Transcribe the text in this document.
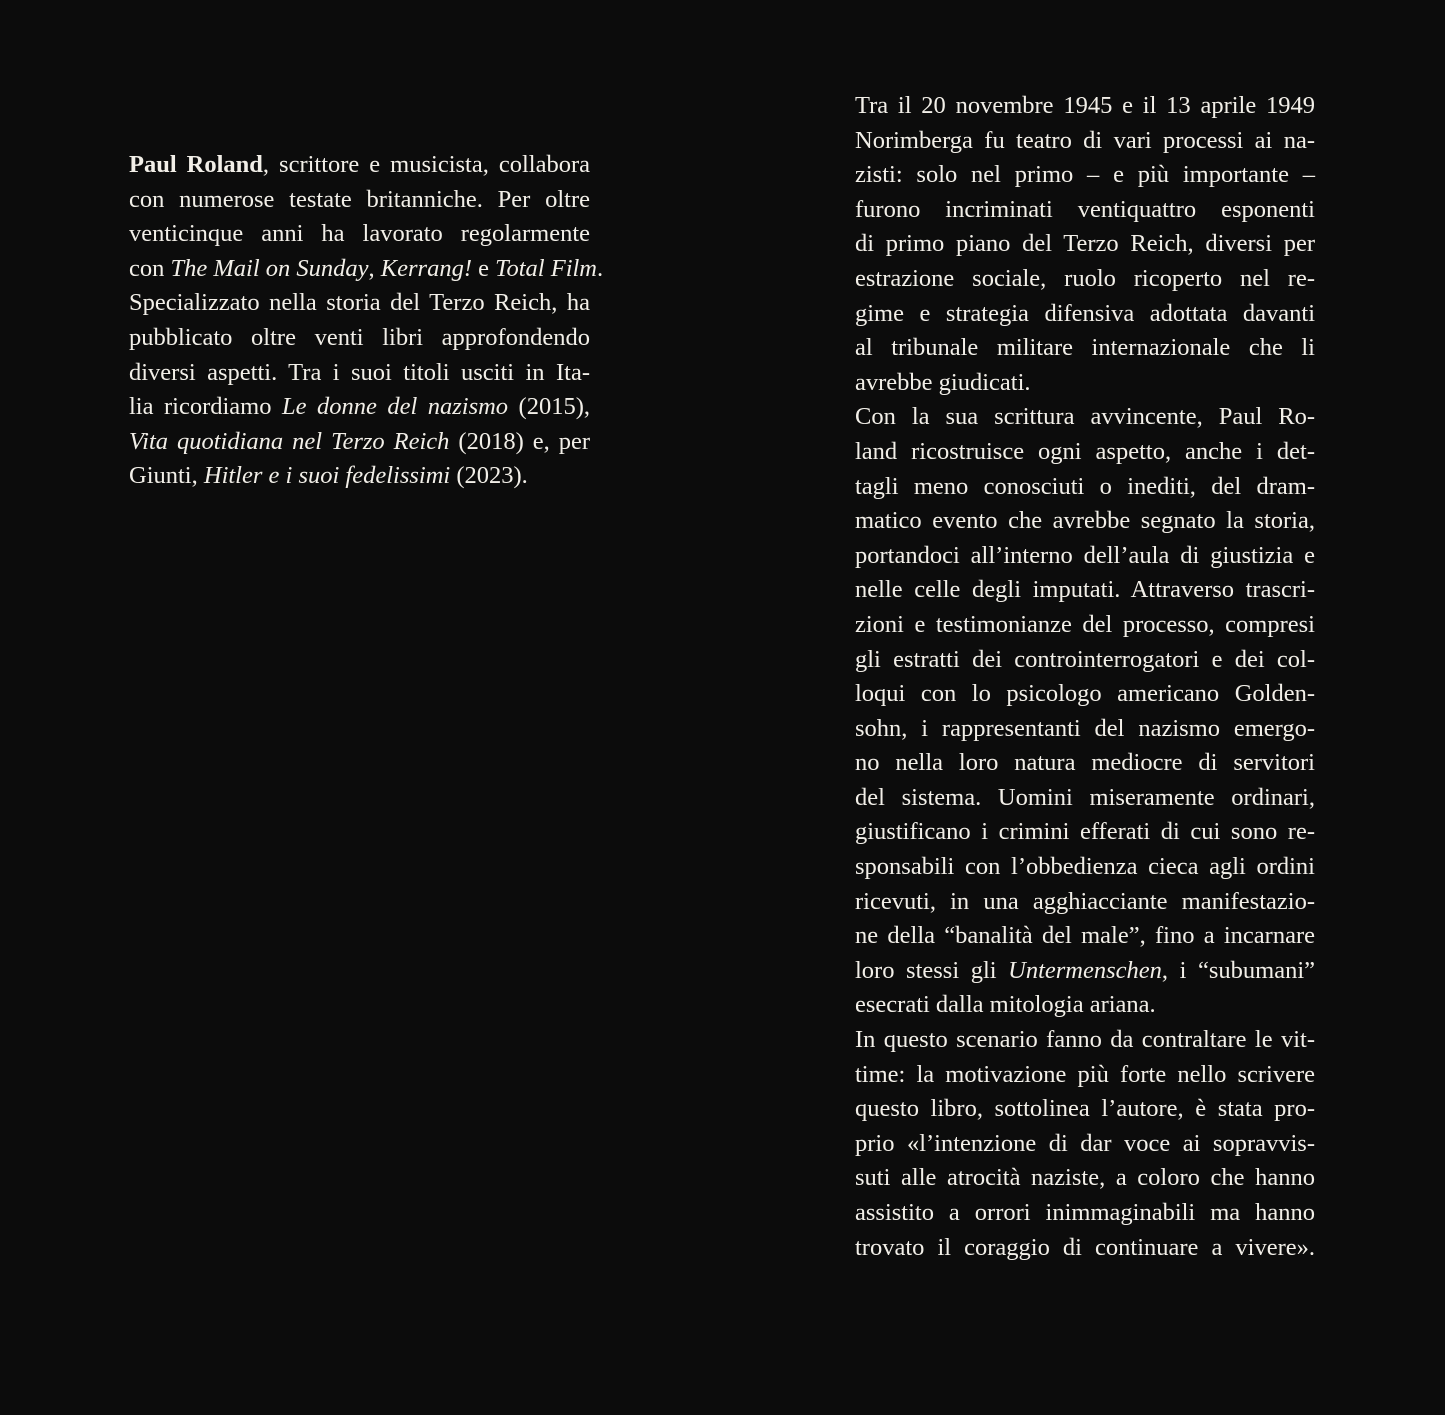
Paul Roland, scrittore e musicista, collabora
con numerose testate britanniche. Per oltre
venticinque anni ha lavorato regolarmente
con The Mail on Sunday, Kerrang! e Total Film.
Specializzato nella storia del Terzo Reich, ha
pubblicato oltre venti libri approfondendo
diversi aspetti. Tra i suoi titoli usciti in Ita-
lia ricordiamo Le donne del nazismo (2015),
Vita quotidiana nel Terzo Reich (2018) e, per
Giunti, Hitler e i suoi fedelissimi (2023).
Tra il 20 novembre 1945 e il 13 aprile 1949
Norimberga fu teatro di vari processi ai na-
zisti: solo nel primo – e più importante –
furono incriminati ventiquattro esponenti
di primo piano del Terzo Reich, diversi per
estrazione sociale, ruolo ricoperto nel re-
gime e strategia difensiva adottata davanti
al tribunale militare internazionale che li
avrebbe giudicati.
Con la sua scrittura avvincente, Paul Ro-
land ricostruisce ogni aspetto, anche i det-
tagli meno conosciuti o inediti, del dram-
matico evento che avrebbe segnato la storia,
portandoci all’interno dell’aula di giustizia e
nelle celle degli imputati. Attraverso trascri-
zioni e testimonianze del processo, compresi
gli estratti dei controinterrogatori e dei col-
loqui con lo psicologo americano Golden-
sohn, i rappresentanti del nazismo emergo-
no nella loro natura mediocre di servitori
del sistema. Uomini miseramente ordinari,
giustificano i crimini efferati di cui sono re-
sponsabili con l’obbedienza cieca agli ordini
ricevuti, in una agghiacciante manifestazio-
ne della “banalità del male”, fino a incarnare
loro stessi gli Untermenschen, i “subumani”
esecrati dalla mitologia ariana.
In questo scenario fanno da contraltare le vit-
time: la motivazione più forte nello scrivere
questo libro, sottolinea l’autore, è stata pro-
prio «l’intenzione di dar voce ai sopravvis-
suti alle atrocità naziste, a coloro che hanno
assistito a orrori inimmaginabili ma hanno
trovato il coraggio di continuare a vivere».
